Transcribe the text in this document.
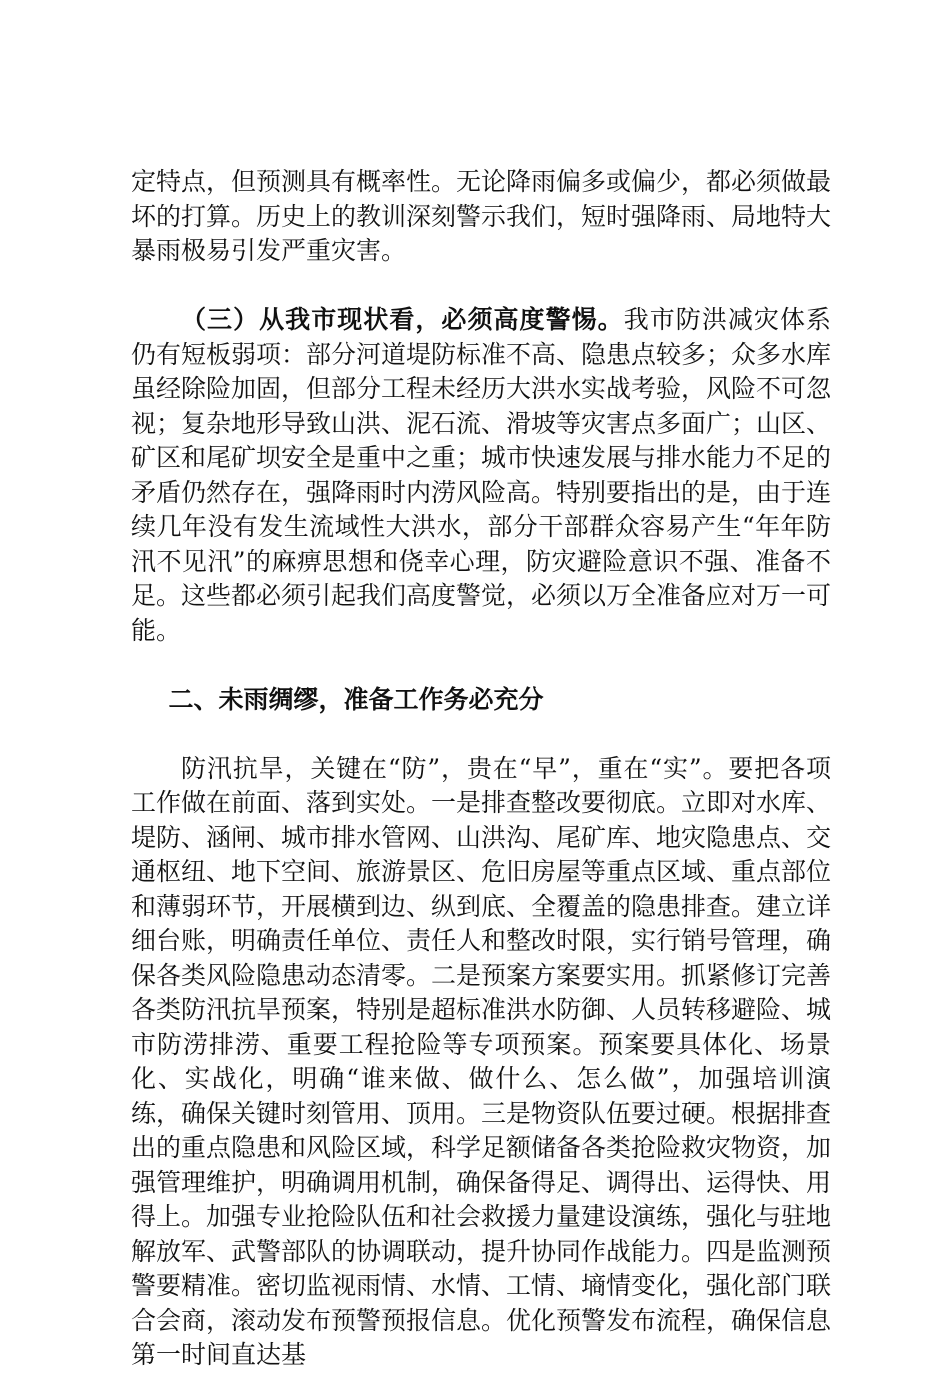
定特点，但预测具有概率性。无论降雨偏多或偏少，都必须做最坏的打算。历史上的教训深刻警示我们，短时强降雨、局地特大暴雨极易引发严重灾害。

（三）从我市现状看，必须高度警惕。我市防洪减灾体系仍有短板弱项：部分河道堤防标准不高、隐患点较多；众多水库虽经除险加固，但部分工程未经历大洪水实战考验，风险不可忽视；复杂地形导致山洪、泥石流、滑坡等灾害点多面广；山区、矿区和尾矿坝安全是重中之重；城市快速发展与排水能力不足的矛盾仍然存在，强降雨时内涝风险高。特别要指出的是，由于连续几年没有发生流域性大洪水，部分干部群众容易产生“年年防汛不见汛”的麻痹思想和侥幸心理，防灾避险意识不强、准备不足。这些都必须引起我们高度警觉，必须以万全准备应对万一可能。

二、未雨绸缪，准备工作务必充分

防汛抗旱，关键在“防”，贵在“早”，重在“实”。要把各项工作做在前面、落到实处。一是排查整改要彻底。立即对水库、堤防、涵闸、城市排水管网、山洪沟、尾矿库、地灾隐患点、交通枢纽、地下空间、旅游景区、危旧房屋等重点区域、重点部位和薄弱环节，开展横到边、纵到底、全覆盖的隐患排查。建立详细台账，明确责任单位、责任人和整改时限，实行销号管理，确保各类风险隐患动态清零。二是预案方案要实用。抓紧修订完善各类防汛抗旱预案，特别是超标准洪水防御、人员转移避险、城市防涝排涝、重要工程抢险等专项预案。预案要具体化、场景化、实战化，明确“谁来做、做什么、怎么做”，加强培训演练，确保关键时刻管用、顶用。三是物资队伍要过硬。根据排查出的重点隐患和风险区域，科学足额储备各类抢险救灾物资，加强管理维护，明确调用机制，确保备得足、调得出、运得快、用得上。加强专业抢险队伍和社会救援力量建设演练，强化与驻地解放军、武警部队的协调联动，提升协同作战能力。四是监测预警要精准。密切监视雨情、水情、工情、墒情变化，强化部门联合会商，滚动发布预警预报信息。优化预警发布流程，确保信息第一时间直达基
